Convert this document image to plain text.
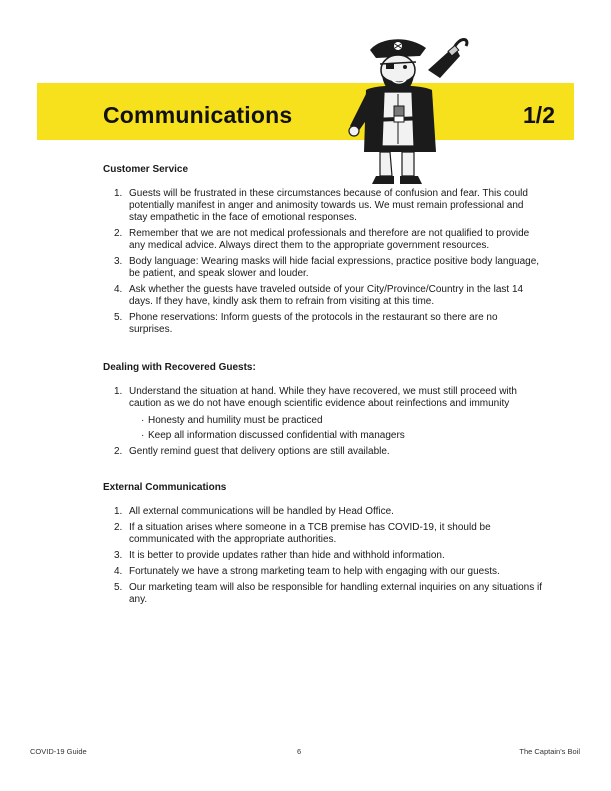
Communications	1/2
Customer Service
1. Guests will be frustrated in these circumstances because of confusion and fear. This could potentially manifest in anger and animosity towards us. We must remain professional and stay empathetic in the face of emotional responses.
2. Remember that we are not medical professionals and therefore are not qualified to provide any medical advice. Always direct them to the appropriate government resources.
3. Body language: Wearing masks will hide facial expressions, practice positive body language, be patient, and speak slower and louder.
4. Ask whether the guests have traveled outside of your City/Province/Country in the last 14 days. If they have, kindly ask them to refrain from visiting at this time.
5. Phone reservations: Inform guests of the protocols in the restaurant so there are no surprises.
Dealing with Recovered Guests:
1. Understand the situation at hand. While they have recovered, we must still proceed with caution as we do not have enough scientific evidence about reinfections and immunity
· Honesty and humility must be practiced
· Keep all information discussed confidential with managers
2. Gently remind guest that delivery options are still available.
External Communications
1. All external communications will be handled by Head Office.
2. If a situation arises where someone in a TCB premise has COVID-19, it should be communicated with the appropriate authorities.
3. It is better to provide updates rather than hide and withhold information.
4. Fortunately we have a strong marketing team to help with engaging with our guests.
5. Our marketing team will also be responsible for handling external inquiries on any situations if any.
COVID-19 Guide	6	The Captain's Boil
